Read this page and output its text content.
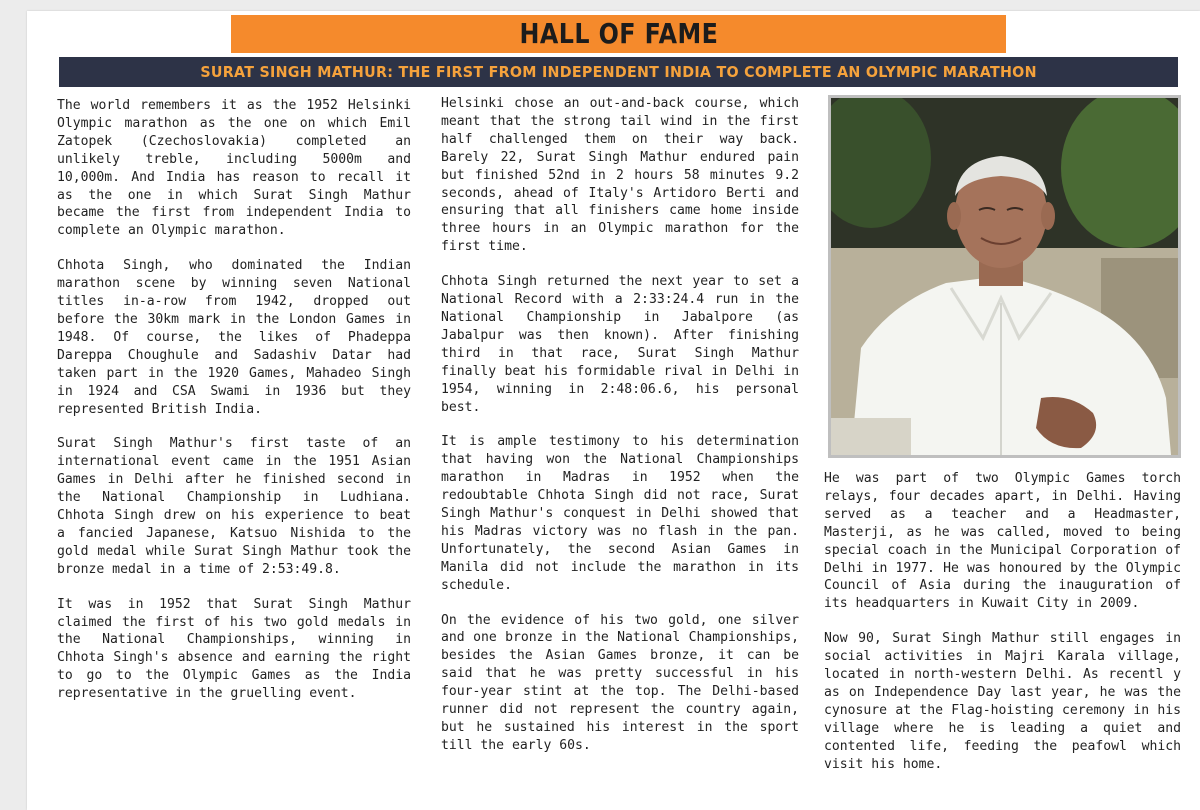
HALL OF FAME
SURAT SINGH MATHUR: THE FIRST FROM INDEPENDENT INDIA TO COMPLETE AN OLYMPIC MARATHON

The world remembers it as the 1952 Helsinki Olympic marathon as the one on which Emil Zatopek (Czechoslovakia) completed an unlikely treble, including 5000m and 10,000m. And India has reason to recall it as the one in which Surat Singh Mathur became the first from independent India to complete an Olympic marathon.

Chhota Singh, who dominated the Indian marathon scene by winning seven National titles in-a-row from 1942, dropped out before the 30km mark in the London Games in 1948. Of course, the likes of Phadeppa Dareppa Choughule and Sadashiv Datar had taken part in the 1920 Games, Mahadeo Singh in 1924 and CSA Swami in 1936 but they represented British India.

Surat Singh Mathur's first taste of an international event came in the 1951 Asian Games in Delhi after he finished second in the National Championship in Ludhiana. Chhota Singh drew on his experience to beat a fancied Japanese, Katsuo Nishida to the gold medal while Surat Singh Mathur took the bronze medal in a time of 2:53:49.8.

It was in 1952 that Surat Singh Mathur claimed the first of his two gold medals in the National Championships, winning in Chhota Singh's absence and earning the right to go to the Olympic Games as the India representative in the gruelling event.

Helsinki chose an out-and-back course, which meant that the strong tail wind in the first half challenged them on their way back. Barely 22, Surat Singh Mathur endured pain but finished 52nd in 2 hours 58 minutes 9.2 seconds, ahead of Italy's Artidoro Berti and ensuring that all finishers came home inside three hours in an Olympic marathon for the first time.

Chhota Singh returned the next year to set a National Record with a 2:33:24.4 run in the National Championship in Jabalpore (as Jabalpur was then known). After finishing third in that race, Surat Singh Mathur finally beat his formidable rival in Delhi in 1954, winning in 2:48:06.6, his personal best.

It is ample testimony to his determination that having won the National Championships marathon in Madras in 1952 when the redoubtable Chhota Singh did not race, Surat Singh Mathur's conquest in Delhi showed that his Madras victory was no flash in the pan. Unfortunately, the second Asian Games in Manila did not include the marathon in its schedule.

On the evidence of his two gold, one silver and one bronze in the National Championships, besides the Asian Games bronze, it can be said that he was pretty successful in his four-year stint at the top. The Delhi-based runner did not represent the country again, but he sustained his interest in the sport till the early 60s.

He was part of two Olympic Games torch relays, four decades apart, in Delhi. Having served as a teacher and a Headmaster, Masterji, as he was called, moved to being special coach in the Municipal Corporation of Delhi in 1977. He was honoured by the Olympic Council of Asia during the inauguration of its headquarters in Kuwait City in 2009.

Now 90, Surat Singh Mathur still engages in social activities in Majri Karala village, located in north-western Delhi. As recentl y as on Independence Day last year, he was the cynosure at the Flag-hoisting ceremony in his village where he is leading a quiet and contented life, feeding the peafowl which visit his home.
